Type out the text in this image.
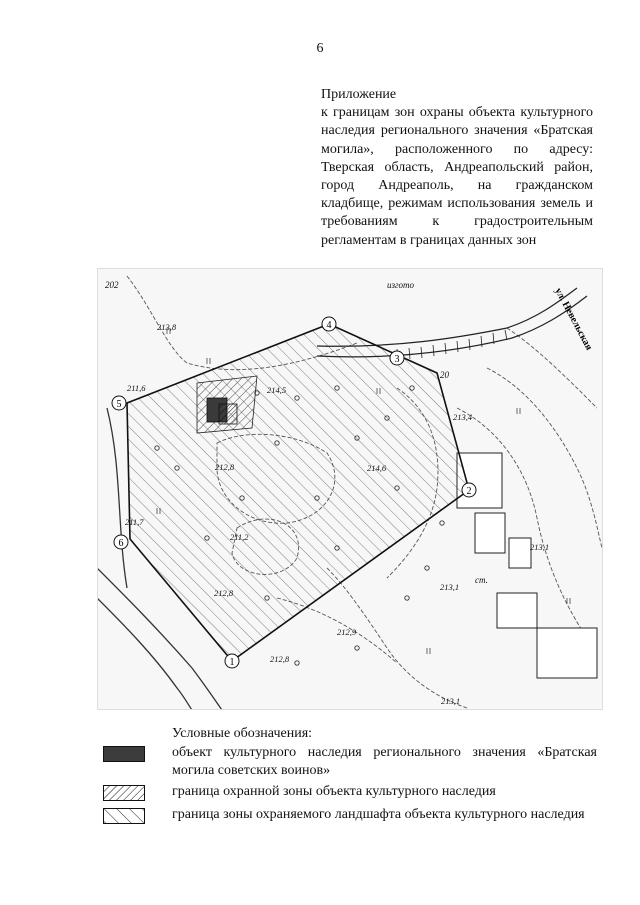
6
Приложение
к границам зон охраны объекта культурного наследия регионального значения «Братская могила», расположенного по адресу: Тверская область, Андреапольский район, город Андреаполь, на гражданском кладбище, режимам использования земель и требованиям к градостроительным регламентам в границах данных зон
1
2
3
4
5
6
ул. Невельская
213,8
214,5
211,6
212,8	214,6
211,7
211,2
212,8
212,9
212,8
213,4
213,1
213,1
213,1
20
ст.
изгото
202
Условные обозначения:
объект культурного наследия регионального значения «Братская могила советских воинов»
граница охранной зоны объекта культурного наследия
граница зоны охраняемого ландшафта объекта культурного наследия
